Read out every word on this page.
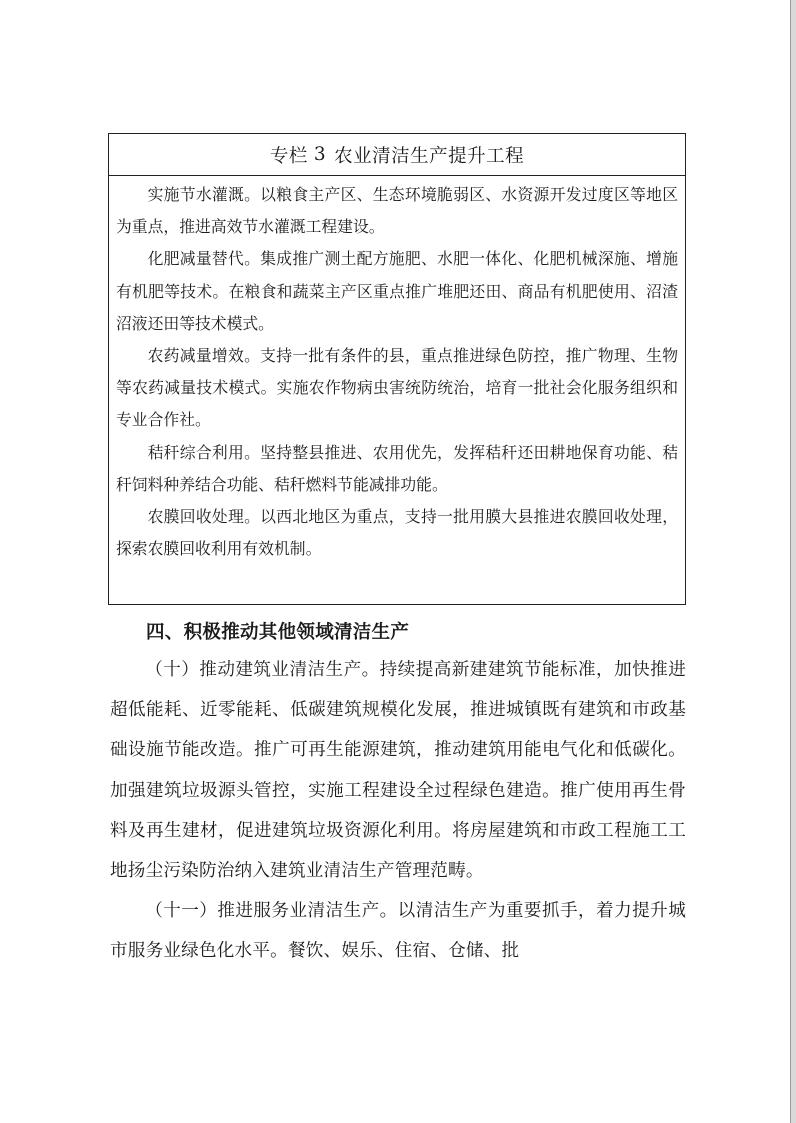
专栏 3 农业清洁生产提升工程

实施节水灌溉。以粮食主产区、生态环境脆弱区、水资源开发过度区等地区为重点，推进高效节水灌溉工程建设。

化肥减量替代。集成推广测土配方施肥、水肥一体化、化肥机械深施、增施有机肥等技术。在粮食和蔬菜主产区重点推广堆肥还田、商品有机肥使用、沼渣沼液还田等技术模式。

农药减量增效。支持一批有条件的县，重点推进绿色防控，推广物理、生物等农药减量技术模式。实施农作物病虫害统防统治，培育一批社会化服务组织和专业合作社。

秸秆综合利用。坚持整县推进、农用优先，发挥秸秆还田耕地保育功能、秸秆饲料种养结合功能、秸秆燃料节能减排功能。

农膜回收处理。以西北地区为重点，支持一批用膜大县推进农膜回收处理，探索农膜回收利用有效机制。

四、积极推动其他领域清洁生产

（十）推动建筑业清洁生产。持续提高新建建筑节能标准，加快推进超低能耗、近零能耗、低碳建筑规模化发展，推进城镇既有建筑和市政基础设施节能改造。推广可再生能源建筑，推动建筑用能电气化和低碳化。加强建筑垃圾源头管控，实施工程建设全过程绿色建造。推广使用再生骨料及再生建材，促进建筑垃圾资源化利用。将房屋建筑和市政工程施工工地扬尘污染防治纳入建筑业清洁生产管理范畴。

（十一）推进服务业清洁生产。以清洁生产为重要抓手，着力提升城市服务业绿色化水平。餐饮、娱乐、住宿、仓储、批
